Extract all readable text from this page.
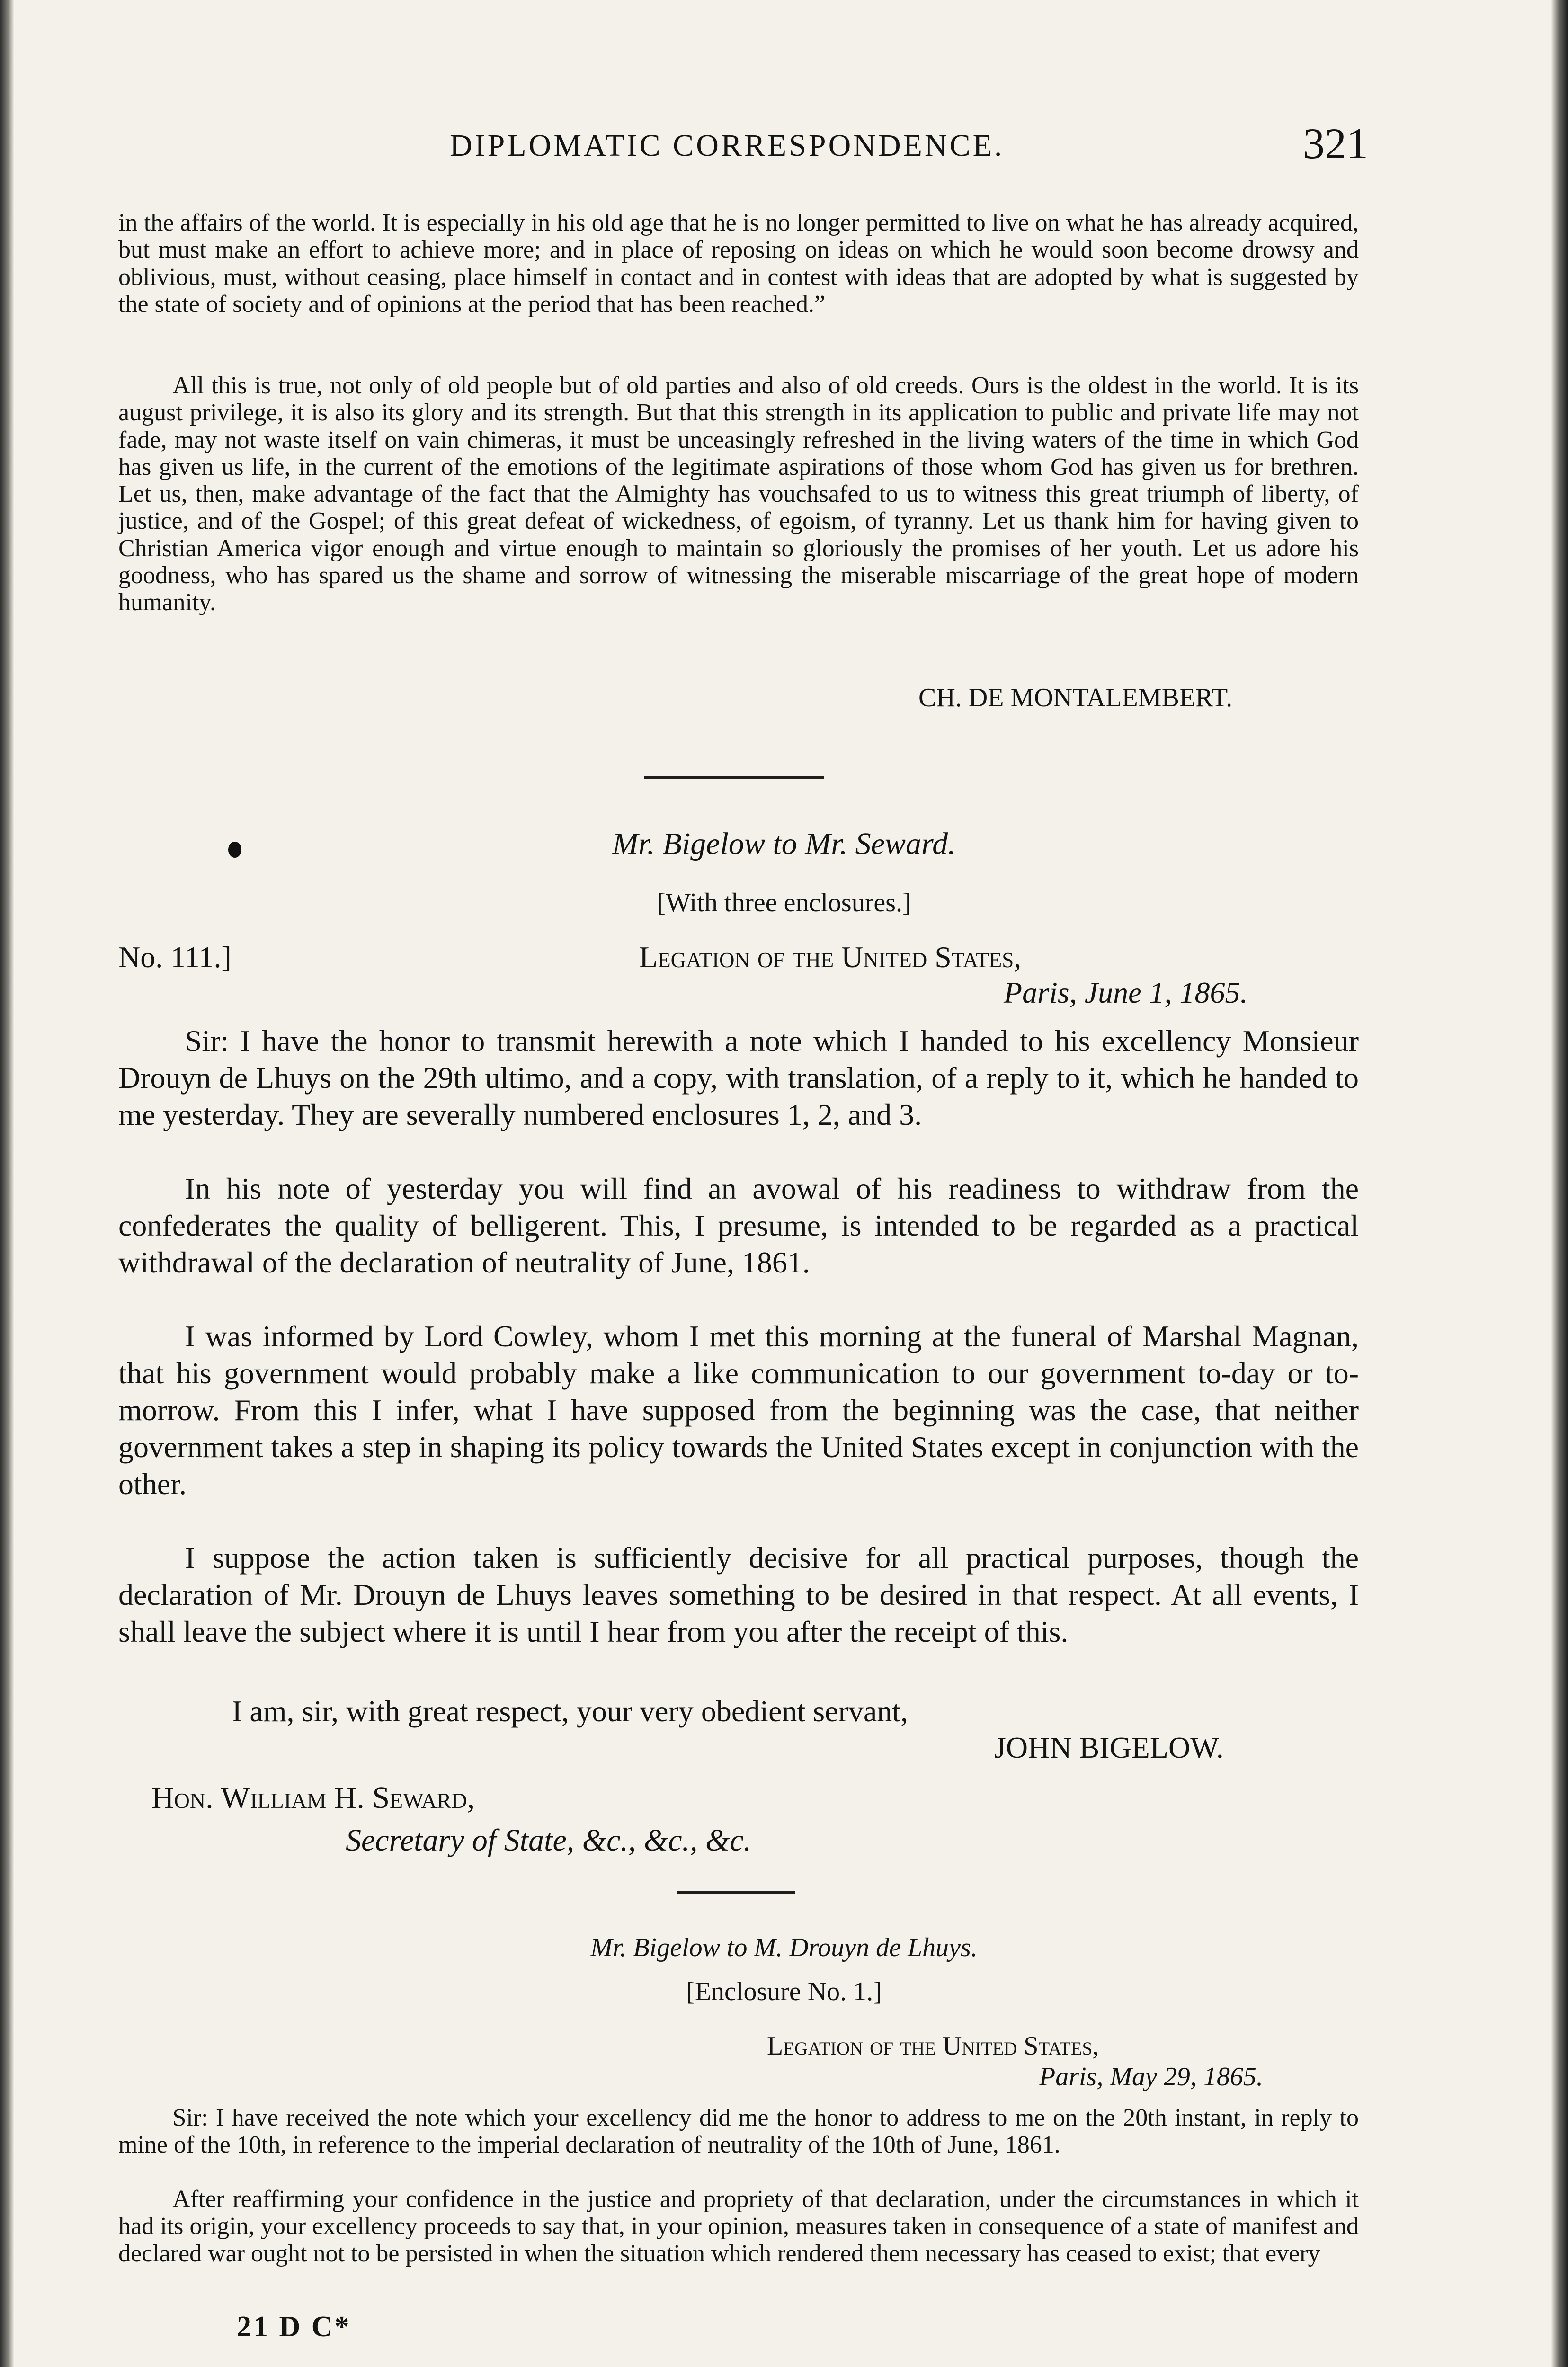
DIPLOMATIC CORRESPONDENCE.	321
in the affairs of the world. It is especially in his old age that he is no longer permitted to live on what he has already acquired, but must make an effort to achieve more; and in place of reposing on ideas on which he would soon become drowsy and oblivious, must, without ceasing, place himself in contact and in contest with ideas that are adopted by what is suggested by the state of society and of opinions at the period that has been reached.”
All this is true, not only of old people but of old parties and also of old creeds. Ours is the oldest in the world. It is its august privilege, it is also its glory and its strength. But that this strength in its application to public and private life may not fade, may not waste itself on vain chimeras, it must be unceasingly refreshed in the living waters of the time in which God has given us life, in the current of the emotions of the legitimate aspirations of those whom God has given us for brethren. Let us, then, make advantage of the fact that the Almighty has vouchsafed to us to witness this great triumph of liberty, of justice, and of the Gospel; of this great defeat of wickedness, of egoism, of tyranny. Let us thank him for having given to Christian America vigor enough and virtue enough to maintain so gloriously the promises of her youth. Let us adore his goodness, who has spared us the shame and sorrow of witnessing the miserable miscarriage of the great hope of modern humanity.
CH. DE MONTALEMBERT.
Mr. Bigelow to Mr. Seward.
[With three enclosures.]
No. 111.]	Legation of the United States,
Paris, June 1, 1865.
Sir: I have the honor to transmit herewith a note which I handed to his excellency Monsieur Drouyn de Lhuys on the 29th ultimo, and a copy, with translation, of a reply to it, which he handed to me yesterday. They are severally numbered enclosures 1, 2, and 3.
In his note of yesterday you will find an avowal of his readiness to withdraw from the confederates the quality of belligerent. This, I presume, is intended to be regarded as a practical withdrawal of the declaration of neutrality of June, 1861.
I was informed by Lord Cowley, whom I met this morning at the funeral of Marshal Magnan, that his government would probably make a like communication to our government to-day or to-morrow. From this I infer, what I have supposed from the beginning was the case, that neither government takes a step in shaping its policy towards the United States except in conjunction with the other.
I suppose the action taken is sufficiently decisive for all practical purposes, though the declaration of Mr. Drouyn de Lhuys leaves something to be desired in that respect. At all events, I shall leave the subject where it is until I hear from you after the receipt of this.
I am, sir, with great respect, your very obedient servant,
JOHN BIGELOW.
Hon. William H. Seward,
Secretary of State, &c., &c., &c.
Mr. Bigelow to M. Drouyn de Lhuys.
[Enclosure No. 1.]
Legation of the United States,
Paris, May 29, 1865.
Sir: I have received the note which your excellency did me the honor to address to me on the 20th instant, in reply to mine of the 10th, in reference to the imperial declaration of neutrality of the 10th of June, 1861.
After reaffirming your confidence in the justice and propriety of that declaration, under the circumstances in which it had its origin, your excellency proceeds to say that, in your opinion, measures taken in consequence of a state of manifest and declared war ought not to be persisted in when the situation which rendered them necessary has ceased to exist; that every
21 D C*
